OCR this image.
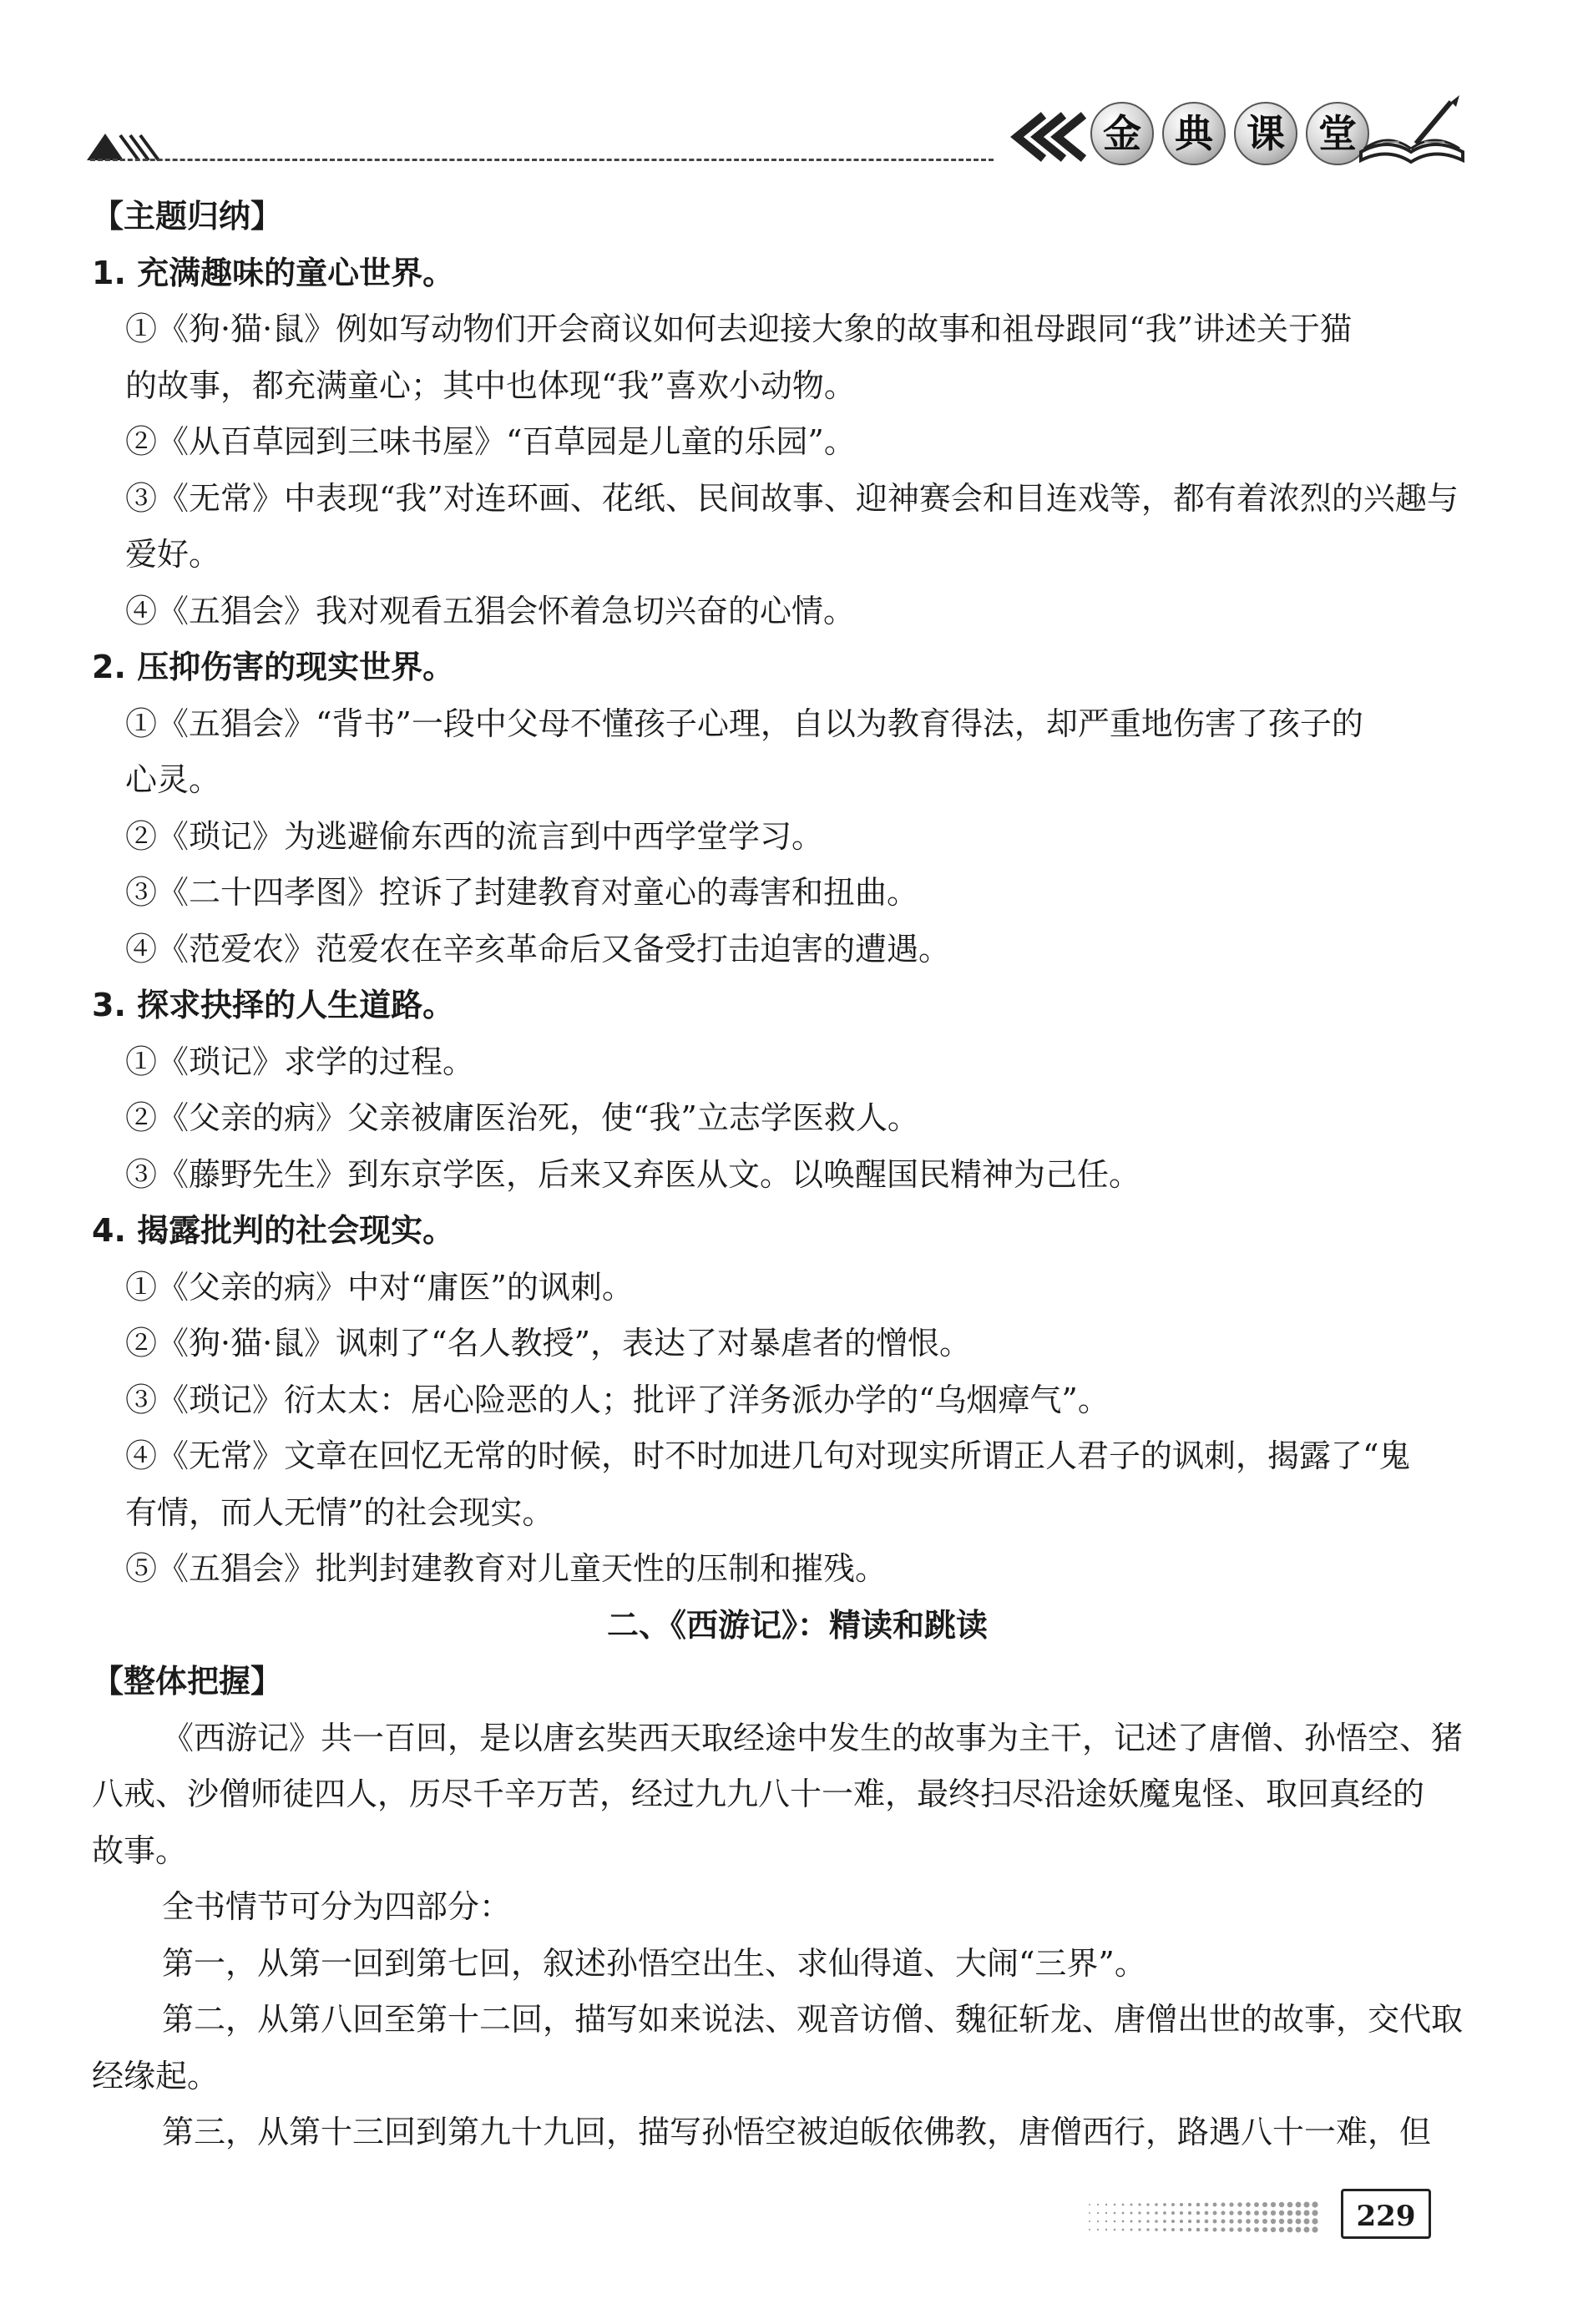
金 典 课 堂
【主题归纳】
1. 充满趣味的童心世界。
①《狗·猫·鼠》例如写动物们开会商议如何去迎接大象的故事和祖母跟同“我”讲述关于猫
的故事，都充满童心；其中也体现“我”喜欢小动物。
②《从百草园到三味书屋》“百草园是儿童的乐园”。
③《无常》中表现“我”对连环画、花纸、民间故事、迎神赛会和目连戏等，都有着浓烈的兴趣与
爱好。
④《五猖会》我对观看五猖会怀着急切兴奋的心情。
2. 压抑伤害的现实世界。
①《五猖会》“背书”一段中父母不懂孩子心理，自以为教育得法，却严重地伤害了孩子的
心灵。
②《琐记》为逃避偷东西的流言到中西学堂学习。
③《二十四孝图》控诉了封建教育对童心的毒害和扭曲。
④《范爱农》范爱农在辛亥革命后又备受打击迫害的遭遇。
3. 探求抉择的人生道路。
①《琐记》求学的过程。
②《父亲的病》父亲被庸医治死，使“我”立志学医救人。
③《藤野先生》到东京学医，后来又弃医从文。以唤醒国民精神为己任。
4. 揭露批判的社会现实。
①《父亲的病》中对“庸医”的讽刺。
②《狗·猫·鼠》讽刺了“名人教授”，表达了对暴虐者的憎恨。
③《琐记》衍太太：居心险恶的人；批评了洋务派办学的“乌烟瘴气”。
④《无常》文章在回忆无常的时候，时不时加进几句对现实所谓正人君子的讽刺，揭露了“鬼
有情，而人无情”的社会现实。
⑤《五猖会》批判封建教育对儿童天性的压制和摧残。
二、《西游记》：精读和跳读
【整体把握】
《西游记》共一百回，是以唐玄奘西天取经途中发生的故事为主干，记述了唐僧、孙悟空、猪
八戒、沙僧师徒四人，历尽千辛万苦，经过九九八十一难，最终扫尽沿途妖魔鬼怪、取回真经的
故事。
全书情节可分为四部分：
第一，从第一回到第七回，叙述孙悟空出生、求仙得道、大闹“三界”。
第二，从第八回至第十二回，描写如来说法、观音访僧、魏征斩龙、唐僧出世的故事，交代取
经缘起。
第三，从第十三回到第九十九回，描写孙悟空被迫皈依佛教，唐僧西行，路遇八十一难，但
229
